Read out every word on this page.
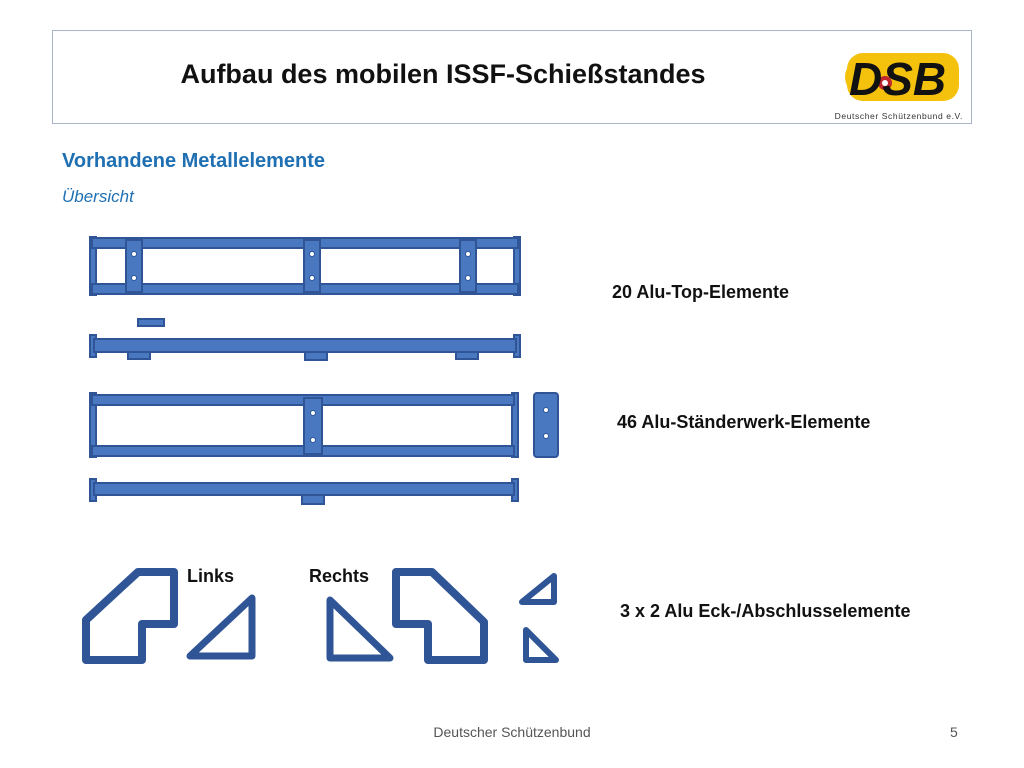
Aufbau des mobilen ISSF-Schießstandes	DSB
Deutscher Schützenbund e.V.
Vorhandene Metallelemente
Übersicht
20 Alu-Top-Elemente
46 Alu-Ständerwerk-Elemente
3 x 2 Alu Eck-/Abschlusselemente
Links	Rechts
Deutscher Schützenbund	5
